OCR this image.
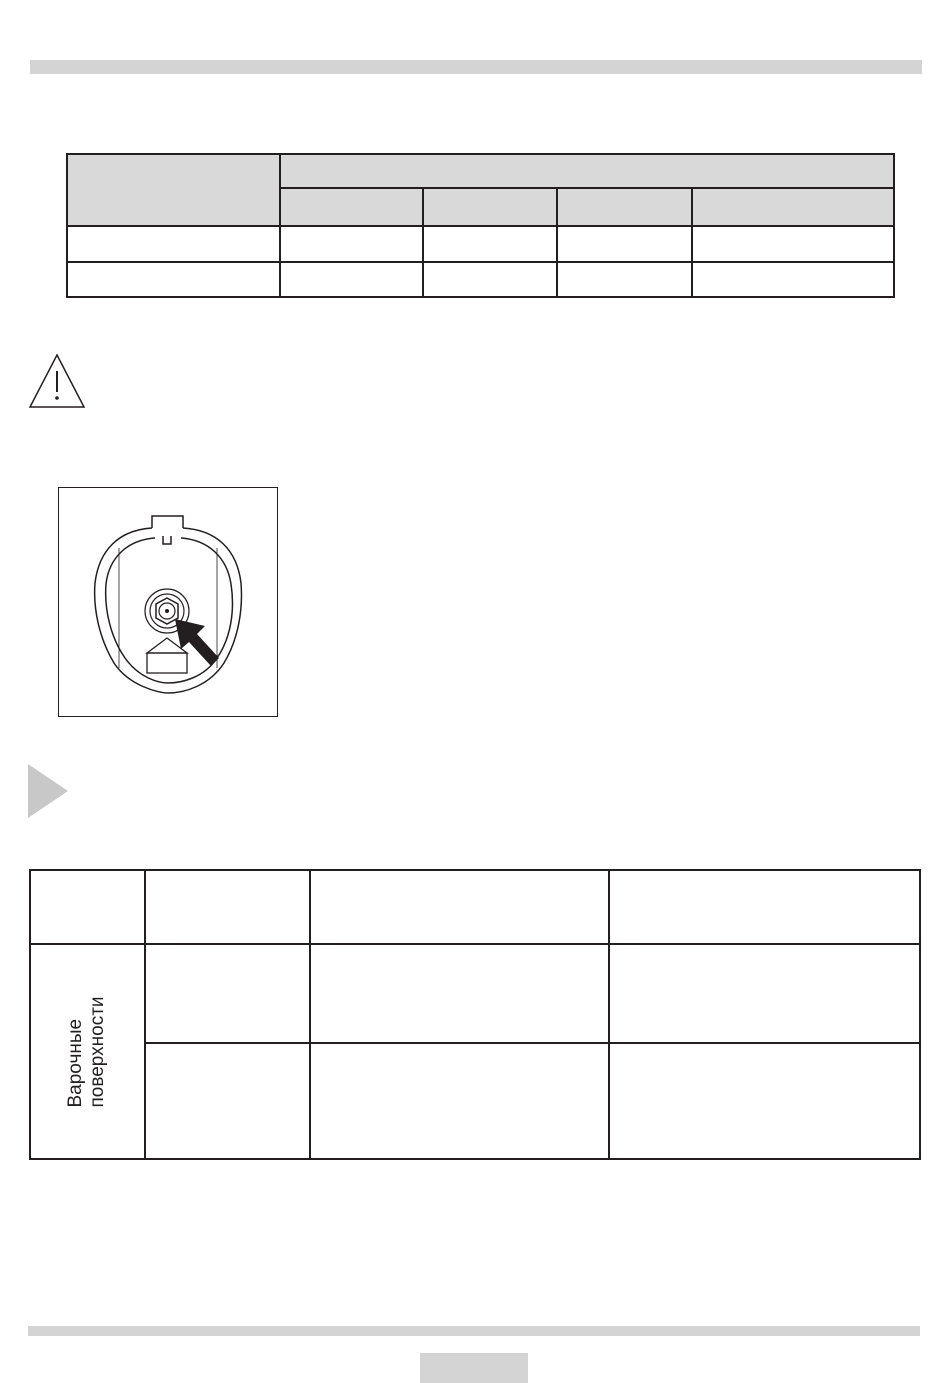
Варочные поверхности
